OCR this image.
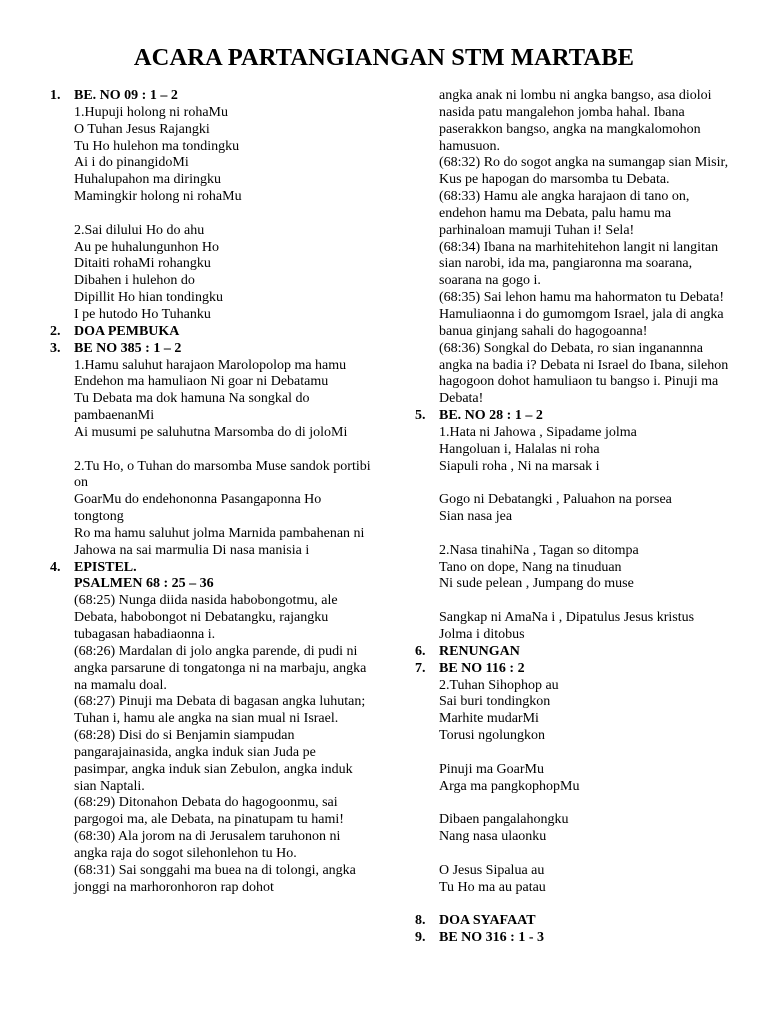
ACARA PARTANGIANGAN STM MARTABE
1. BE. NO 09 : 1 – 2
1.Hupuji holong ni rohaMu
O Tuhan Jesus Rajangki
Tu Ho hulehon ma tondingku
Ai i do pinangidoMi
Huhalupahon ma diringku
Mamingkir holong ni rohaMu
2.Sai dilului Ho do ahu
Au pe huhalungunhon Ho
Ditaiti rohaMi rohangku
Dibahen i hulehon do
Dipillit Ho hian tondingku
I pe hutodo Ho Tuhanku
2. DOA PEMBUKA
3. BE NO 385 : 1 – 2
1.Hamu saluhut harajaon Marolopolop ma hamu
Endehon ma hamuliaon Ni goar ni Debatamu
Tu Debata ma dok hamuna Na songkal do pambaenanMi
Ai musumi pe saluhutna Marsomba do di joloMi
2.Tu Ho, o Tuhan do marsomba Muse sandok portibi on
GoarMu do endehononna Pasangaponna Ho tongtong
Ro ma hamu saluhut jolma Marnida pambahenan ni
Jahowa na sai marmulia Di nasa manisia i
4. EPISTEL.
PSALMEN 68 : 25 – 36
(68:25) Nunga diida nasida habobongotmu, ale Debata, habobongot ni Debatangku, rajangku tubagasan habadiaonna i.
(68:26) Mardalan di jolo angka parende, di pudi ni angka parsarune di tongatonga ni na marbaju, angka na mamalu doal.
(68:27) Pinuji ma Debata di bagasan angka luhutan; Tuhan i, hamu ale angka na sian mual ni Israel.
(68:28) Disi do si Benjamin siampudan pangarajainasida, angka induk sian Juda pe pasimpar, angka induk sian Zebulon, angka induk sian Naptali.
(68:29) Ditonahon Debata do hagogoonmu, sai pargogoi ma, ale Debata, na pinatupam tu hami!
(68:30) Ala jorom na di Jerusalem taruhonon ni angka raja do sogot silehonlehon tu Ho.
(68:31) Sai songgahi ma buea na di tolongi, angka jonggi na marhoronhoron rap dohot
angka anak ni lombu ni angka bangso, asa dioloi nasida patu mangalehon jomba hahal. Ibana paserakkon bangso, angka na mangkalomohon hamusuon.
(68:32) Ro do sogot angka na sumangap sian Misir, Kus pe hapogan do marsomba tu Debata.
(68:33) Hamu ale angka harajaon di tano on, endehon hamu ma Debata, palu hamu ma parhinaloan mamuji Tuhan i! Sela!
(68:34) Ibana na marhitehitehon langit ni langitan sian narobi, ida ma, pangiaronna ma soarana, soarana na gogo i.
(68:35) Sai lehon hamu ma hahormaton tu Debata! Hamuliaonna i do gumomgom Israel, jala di angka banua ginjang sahali do hagogoanna!
(68:36) Songkal do Debata, ro sian inganannna angka na badia i? Debata ni Israel do Ibana, silehon hagogoon dohot hamuliaon tu bangso i. Pinuji ma Debata!
5. BE. NO 28 : 1 – 2
1.Hata ni Jahowa , Sipadame jolma
Hangoluan i, Halalas ni roha
Siapuli roha , Ni na marsak i
Gogo ni Debatangki , Paluahon na porsea
Sian nasa jea
2.Nasa tinahiNa , Tagan so ditompa
Tano on dope, Nang na tinuduan
Ni sude pelean , Jumpang do muse
Sangkap ni AmaNa i , Dipatulus Jesus kristus
Jolma i ditobus
6. RENUNGAN
7. BE NO 116 : 2
2.Tuhan Sihophop au
Sai buri tondingkon
Marhite mudarMi
Torusi ngolungkon
Pinuji ma GoarMu
Arga ma pangkophopMu
Dibaen pangalahongku
Nang nasa ulaonku
O Jesus Sipalua au
Tu Ho ma au patau
8. DOA SYAFAAT
9. BE NO 316 : 1 - 3
